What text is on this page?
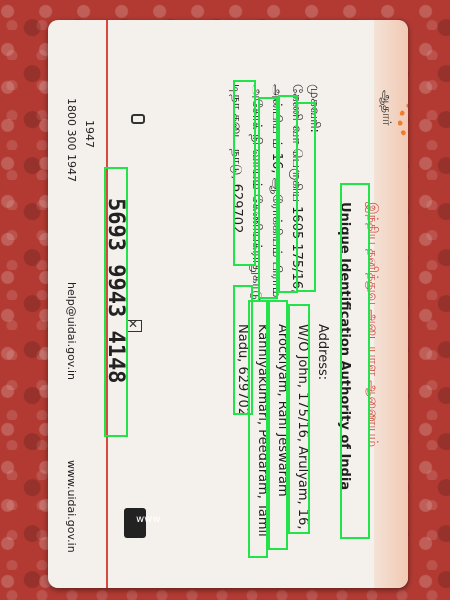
ஆதார்
இந்திய தனித்துவ அடையாள ஆணையம்
Unique Identification Authority of India
முகவரி:
Address:
கேணி வா பெருகிய 1605 175/16,
அன்பிய ம் 16, ஆரோக்கியம் பிராம்
அசோக் நி வாயம் கேணியக்ராதுகாடு
டிநா கடை நாடு, 629702
W/O John, 175/16, Arulyam, 16,
Arockiyam, Rani Jeswaram
Kanniyakumari, Peedaram, Tamil
Nadu, 629702
5693 9943 4148
1800 300 1947 1947
✕
help@uidai.gov.in
www
www.uidai.gov.in
